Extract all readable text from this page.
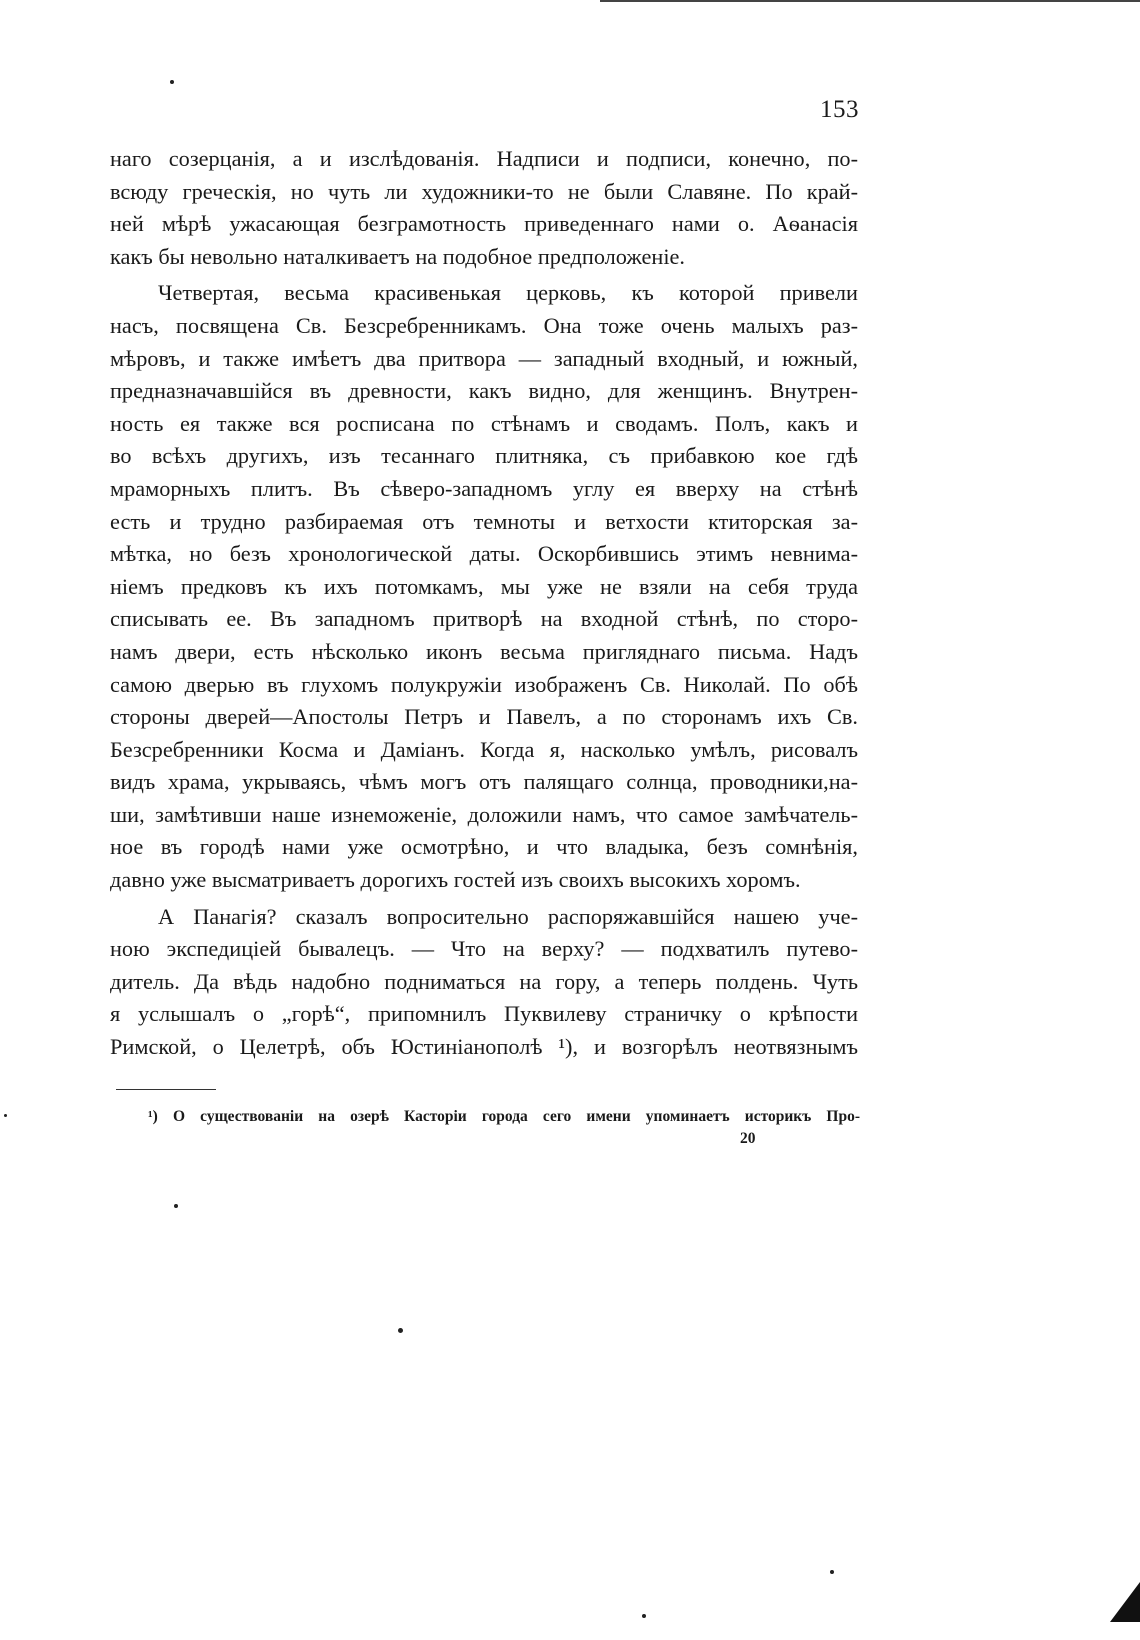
153
наго созерцанія, а и изслѣдованія. Надписи и подписи, конечно, по-
всюду греческія, но чуть ли художники-то не были Славяне. По край-
ней мѣрѣ ужасающая безграмотность приведеннаго нами о. Аѳанасія
какъ бы невольно наталкиваетъ на подобное предположеніе.
Четвертая, весьма красивенькая церковь, къ которой привели
насъ, посвящена Св. Безсребренникамъ. Она тоже очень малыхъ раз-
мѣровъ, и также имѣетъ два притвора — западный входный, и южный,
предназначавшійся въ древности, какъ видно, для женщинъ. Внутрен-
ность ея также вся росписана по стѣнамъ и сводамъ. Полъ, какъ и
во всѣхъ другихъ, изъ тесаннаго плитняка, съ прибавкою кое гдѣ
мраморныхъ плитъ. Въ сѣверо-западномъ углу ея вверху на стѣнѣ
есть и трудно разбираемая отъ темноты и ветхости ктиторская за-
мѣтка, но безъ хронологической даты. Оскорбившись этимъ невнима-
ніемъ предковъ къ ихъ потомкамъ, мы уже не взяли на себя труда
списывать ее. Въ западномъ притворѣ на входной стѣнѣ, по сторо-
намъ двери, есть нѣсколько иконъ весьма пригляднаго письма. Надъ
самою дверью въ глухомъ полукружіи изображенъ Св. Николай. По обѣ
стороны дверей—Апостолы Петръ и Павелъ, а по сторонамъ ихъ Св.
Безсребренники Косма и Даміанъ. Когда я, насколько умѣлъ, рисовалъ
видъ храма, укрываясь, чѣмъ могъ отъ палящаго солнца, проводники,на-
ши, замѣтивши наше изнеможеніе, доложили намъ, что самое замѣчатель-
ное въ городѣ нами уже осмотрѣно, и что владыка, безъ сомнѣнія,
давно уже высматриваетъ дорогихъ гостей изъ своихъ высокихъ хоромъ.
А Панагія? сказалъ вопросительно распоряжавшійся нашею уче-
ною экспедиціей бывалецъ. — Что на верху? — подхватилъ путево-
дитель. Да вѣдь надобно подниматься на гору, а теперь полдень. Чуть
я услышалъ о „горѣ“, припомнилъ Пуквилеву страничку о крѣпости
Римской, о Целетрѣ, объ Юстиніанополѣ ¹), и возгорѣлъ неотвязнымъ
¹) О существованіи на озерѣ Касторіи города сего имени упоминаетъ историкъ Про-
20
